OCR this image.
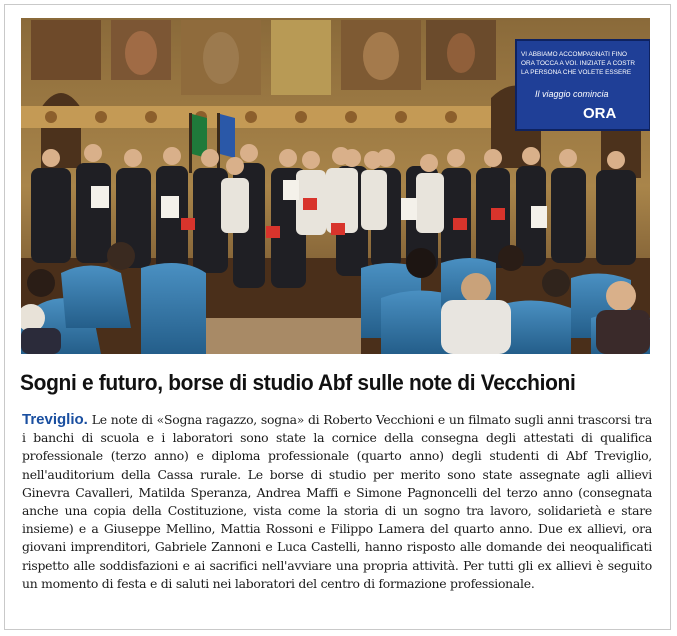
VI ABBIAMO ACCOMPAGNATI FINO
ORA TOCCA A VOI. INIZIATE A COSTR
LA PERSONA CHE VOLETE ESSERE
Il viaggio comincia
ORA
Sogni e futuro, borse di studio Abf sulle note di Vecchioni

Treviglio. Le note di «Sogna ragazzo, sogna» di Roberto Vecchioni e un filmato sugli anni trascorsi tra i banchi di scuola e i laboratori sono state la cornice della consegna degli attestati di qualifica professionale (terzo anno) e diploma professionale (quarto anno) degli studenti di Abf Treviglio, nell'auditorium della Cassa rurale. Le borse di studio per merito sono state assegnate agli allievi Ginevra Cavalleri, Matilda Speranza, Andrea Maffi e Simone Pagnoncelli del terzo anno (consegnata anche una copia della Costituzione, vista come la storia di un sogno tra lavoro, solidarietà e stare insieme) e a Giuseppe Mellino, Mattia Rossoni e Filippo Lamera del quarto anno. Due ex allievi, ora giovani imprenditori, Gabriele Zannoni e Luca Castelli, hanno risposto alle domande dei neoqualificati rispetto alle soddisfazioni e ai sacrifici nell'avviare una propria attività. Per tutti gli ex allievi è seguito un momento di festa e di saluti nei laboratori del centro di formazione professionale.
